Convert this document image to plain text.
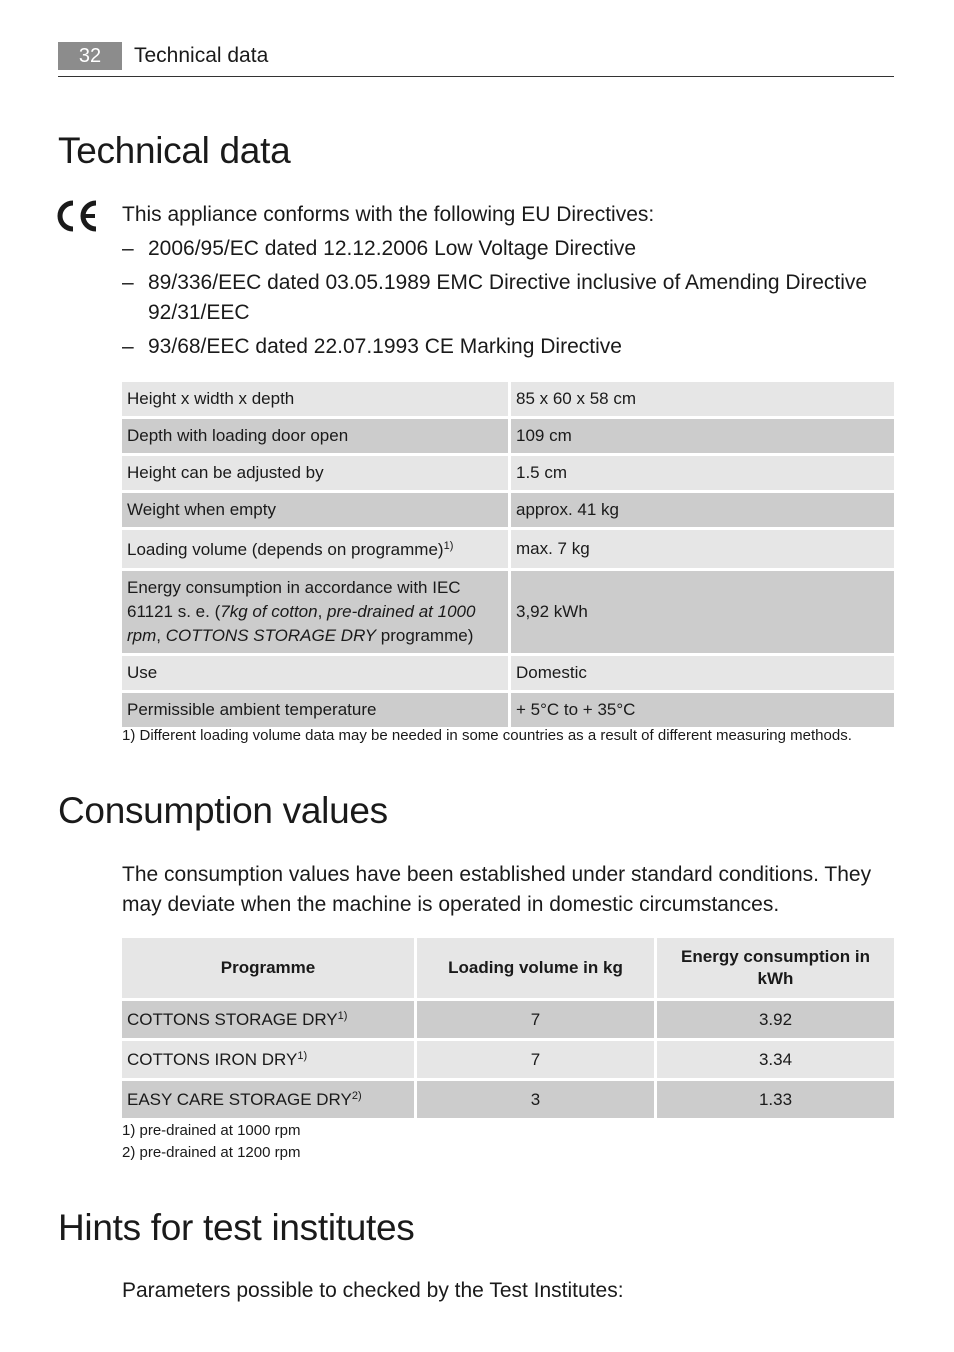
32	Technical data
Technical data

This appliance conforms with the following EU Directives:

– 2006/95/EC dated 12.12.2006 Low Voltage Directive
– 89/336/EEC dated 03.05.1989 EMC Directive inclusive of Amending Directive 92/31/EEC
– 93/68/EEC dated 22.07.1993 CE Marking Directive
Height x width x depth	85 x 60 x 58 cm
Depth with loading door open	109 cm
Height can be adjusted by	1.5 cm
Weight when empty	approx. 41 kg
Loading volume (depends on programme)$^{1)}$	max. 7 kg
Energy consumption in accordance with IEC 61121 s. e. (7kg of cotton, pre-drained at 1000 rpm, COTTONS STORAGE DRY programme)	3,92 kWh
Use	Domestic
Permissible ambient temperature	+ 5°C to + 35°C

1) Different loading volume data may be needed in some countries as a result of different measuring methods.

Consumption values

The consumption values have been established under standard conditions. They may deviate when the machine is operated in domestic circumstances.

Programme	Loading volume in kg	Energy consumption in kWh
COTTONS STORAGE DRY$^{1)}$	7	3.92
COTTONS IRON DRY$^{1)}$	7	3.34
EASY CARE STORAGE DRY$^{2)}$	3	1.33

1) pre-drained at 1000 rpm

2) pre-drained at 1200 rpm

Hints for test institutes

Parameters possible to checked by the Test Institutes:
